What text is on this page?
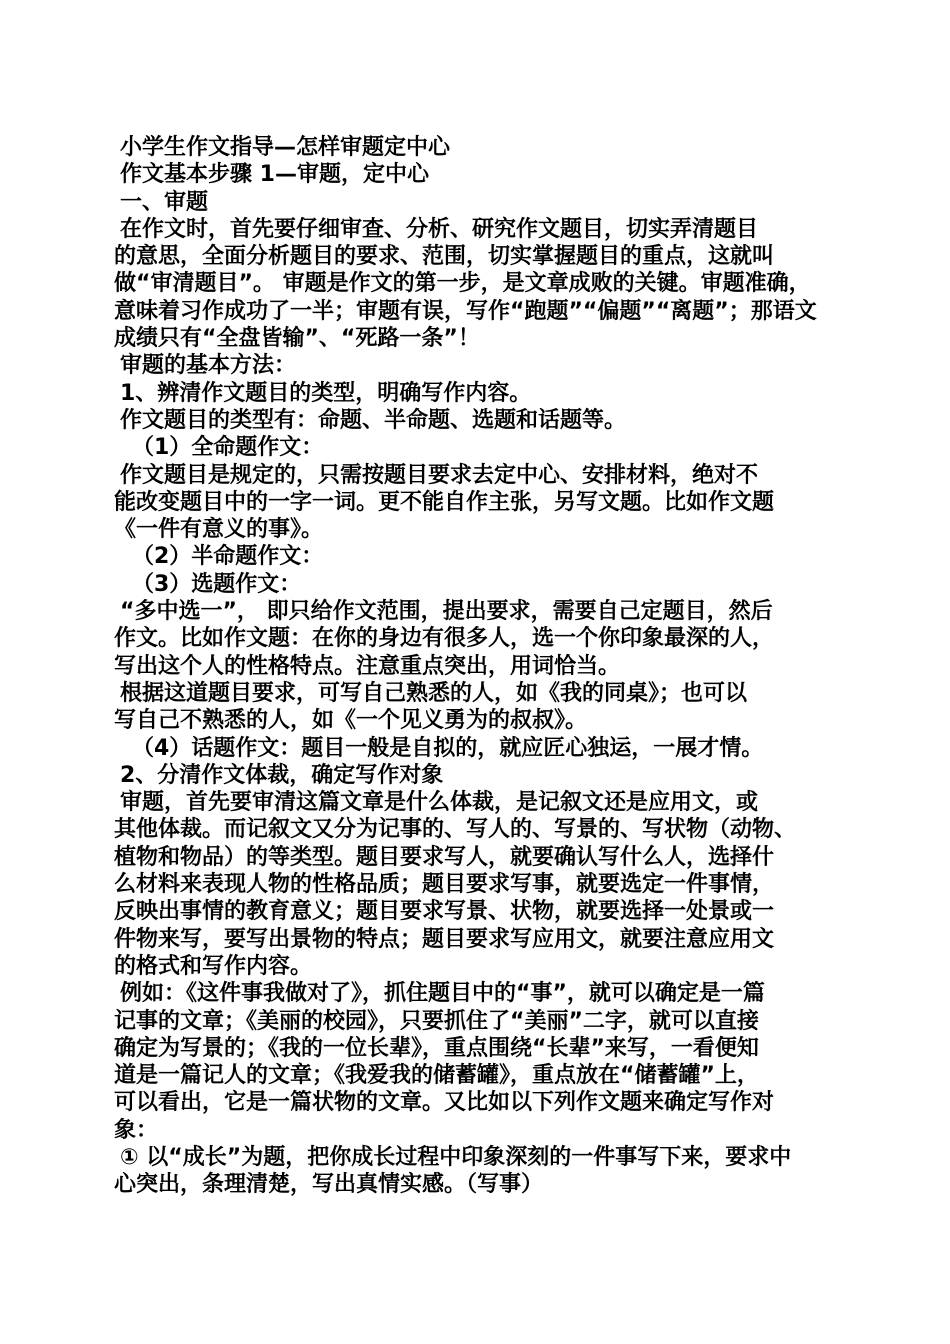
小学生作文指导—怎样审题定中心
作文基本步骤 1—审题，定中心
一、审题
在作文时，首先要仔细审查、分析、研究作文题目，切实弄清题目
的意思，全面分析题目的要求、范围，切实掌握题目的重点，这就叫
做“审清题目”。 审题是作文的第一步，是文章成败的关键。审题准确，
意味着习作成功了一半；审题有误，写作“跑题”“偏题”“离题”；那语文
成绩只有“全盘皆输”、“死路一条”！
审题的基本方法：
1、辨清作文题目的类型，明确写作内容。
作文题目的类型有：命题、半命题、选题和话题等。
（1）全命题作文：
作文题目是规定的，只需按题目要求去定中心、安排材料，绝对不
能改变题目中的一字一词。更不能自作主张，另写文题。比如作文题
《一件有意义的事》。
（2）半命题作文：
（3）选题作文：
“多中选一”， 即只给作文范围，提出要求，需要自己定题目，然后
作文。比如作文题：在你的身边有很多人，选一个你印象最深的人，
写出这个人的性格特点。注意重点突出，用词恰当。
根据这道题目要求，可写自己熟悉的人，如《我的同桌》；也可以
写自己不熟悉的人，如《一个见义勇为的叔叔》。
（4）话题作文：题目一般是自拟的，就应匠心独运，一展才情。
2、分清作文体裁，确定写作对象
审题，首先要审清这篇文章是什么体裁，是记叙文还是应用文，或
其他体裁。而记叙文又分为记事的、写人的、写景的、写状物（动物、
植物和物品）的等类型。题目要求写人，就要确认写什么人，选择什
么材料来表现人物的性格品质；题目要求写事，就要选定一件事情，
反映出事情的教育意义；题目要求写景、状物，就要选择一处景或一
件物来写，要写出景物的特点；题目要求写应用文，就要注意应用文
的格式和写作内容。
例如：《这件事我做对了》，抓住题目中的“事”，就可以确定是一篇
记事的文章；《美丽的校园》，只要抓住了“美丽”二字，就可以直接
确定为写景的；《我的一位长辈》，重点围绕“长辈”来写，一看便知
道是一篇记人的文章；《我爱我的储蓄罐》，重点放在“储蓄罐”上，
可以看出，它是一篇状物的文章。又比如以下列作文题来确定写作对
象：
① 以“成长”为题，把你成长过程中印象深刻的一件事写下来，要求中
心突出，条理清楚，写出真情实感。（写事）
